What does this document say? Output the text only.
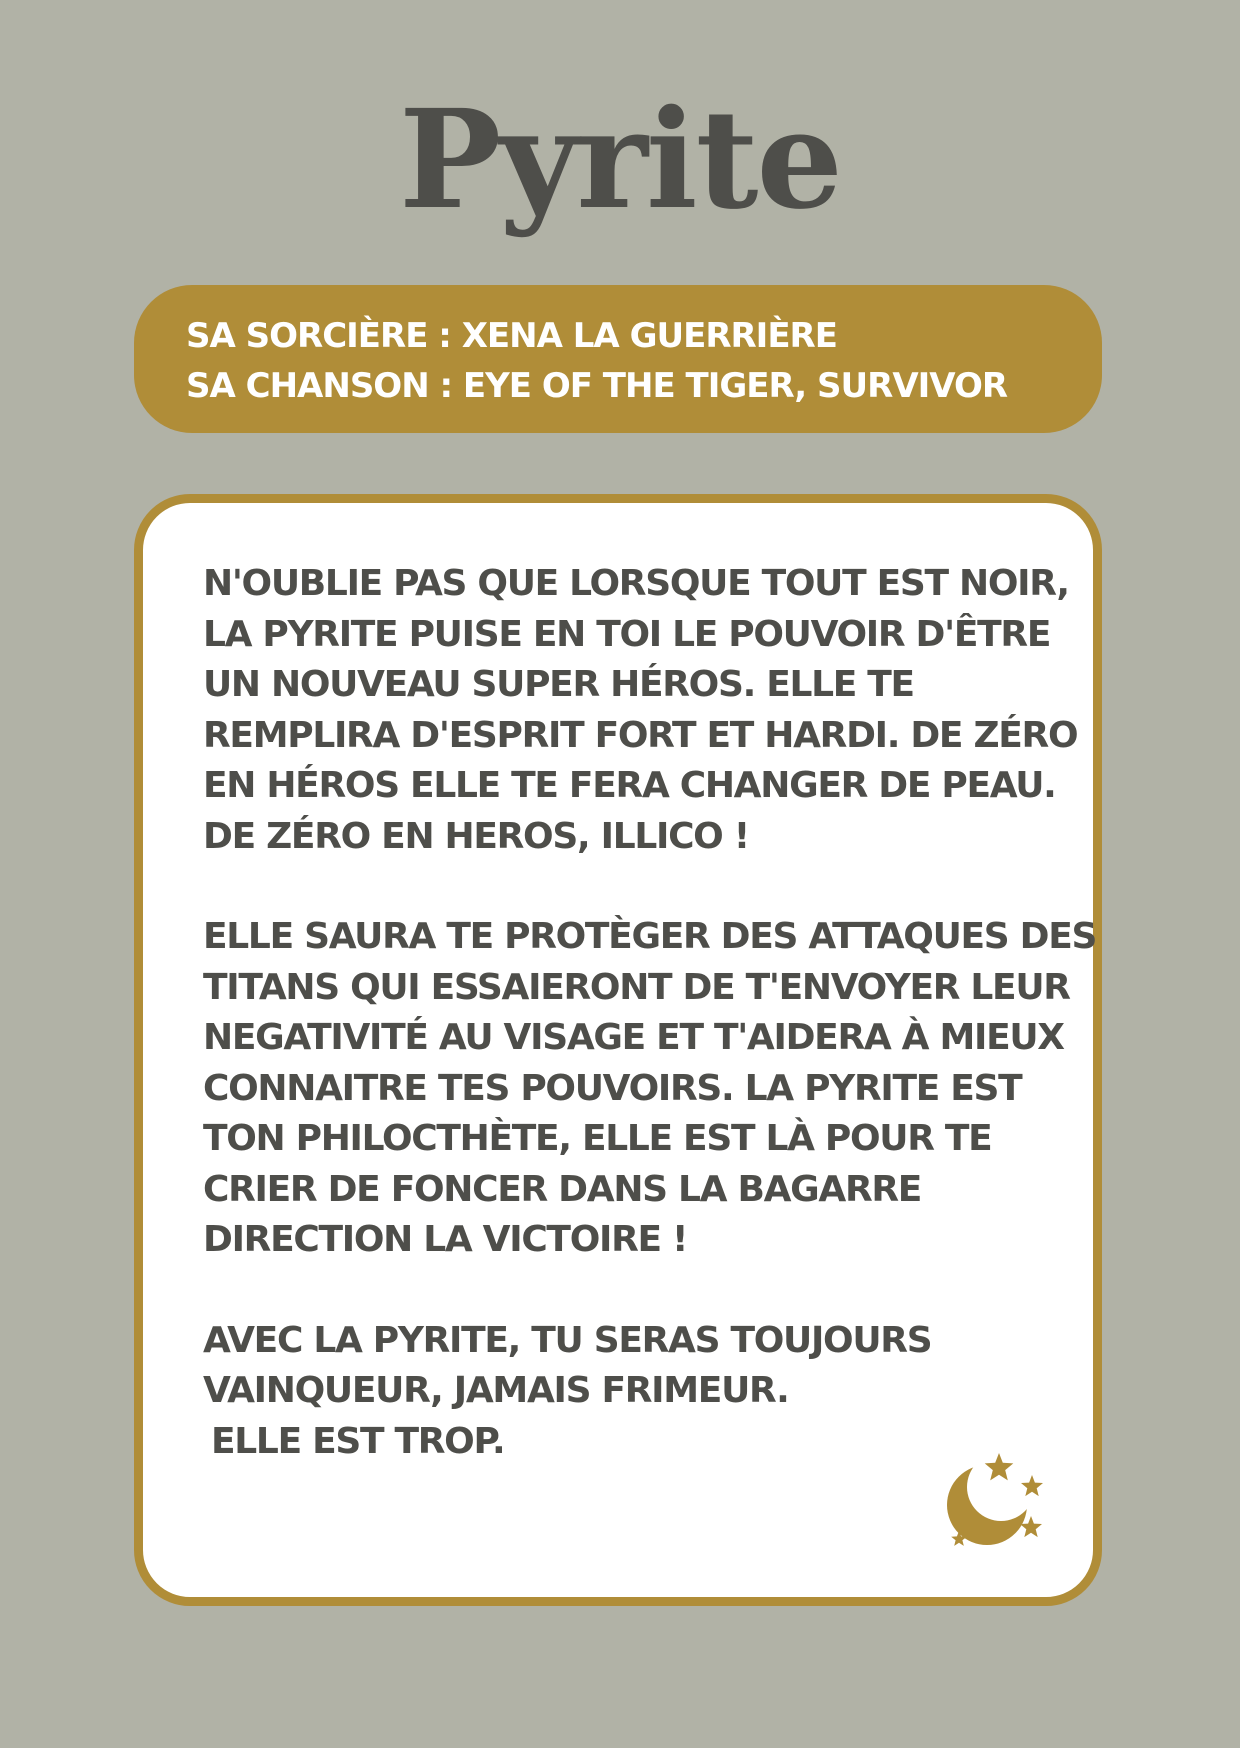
Pyrite
SA SORCIÈRE : XENA LA GUERRIÈRE
SA CHANSON : EYE OF THE TIGER, SURVIVOR

N'OUBLIE PAS QUE LORSQUE TOUT EST NOIR,
LA PYRITE PUISE EN TOI LE POUVOIR D'ÊTRE
UN NOUVEAU SUPER HÉROS. ELLE TE
REMPLIRA D'ESPRIT FORT ET HARDI. DE ZÉRO
EN HÉROS ELLE TE FERA CHANGER DE PEAU.
DE ZÉRO EN HEROS, ILLICO !

ELLE SAURA TE PROTÈGER DES ATTAQUES DES
TITANS QUI ESSAIERONT DE T'ENVOYER LEUR
NEGATIVITÉ AU VISAGE ET T'AIDERA À MIEUX
CONNAITRE TES POUVOIRS. LA PYRITE EST
TON PHILOCTHÈTE, ELLE EST LÀ POUR TE
CRIER DE FONCER DANS LA BAGARRE
DIRECTION LA VICTOIRE !

AVEC LA PYRITE, TU SERAS TOUJOURS
VAINQUEUR, JAMAIS FRIMEUR.
ELLE EST TROP.
